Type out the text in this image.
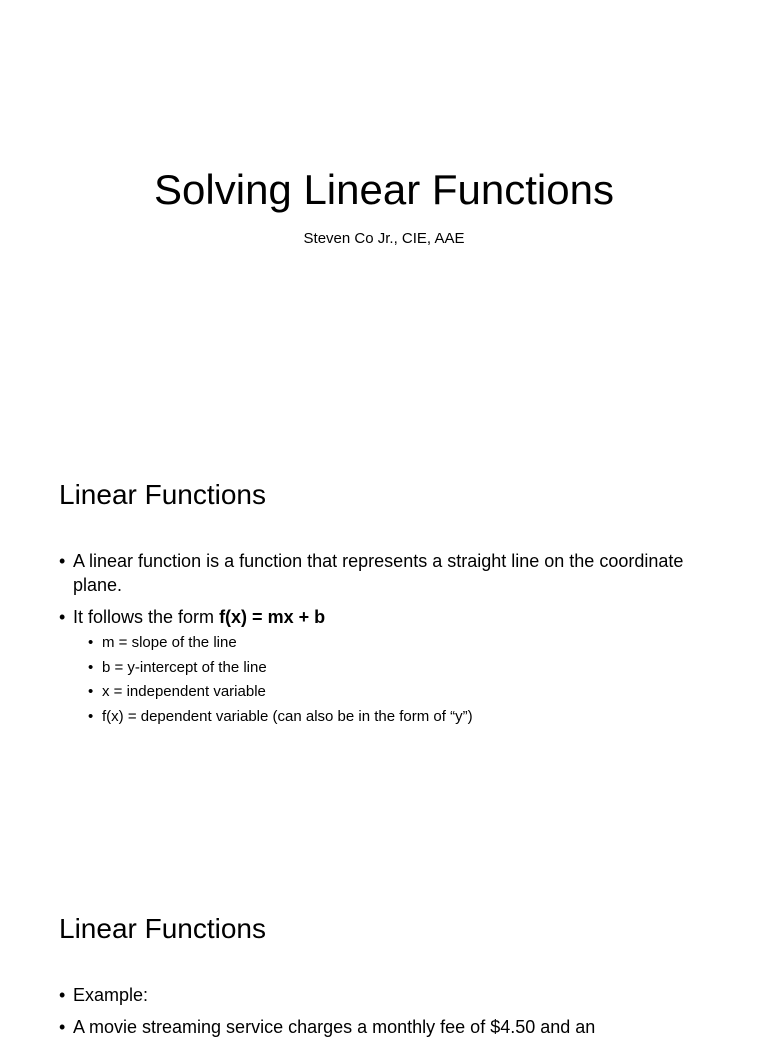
Solving Linear Functions
Steven Co Jr., CIE, AAE
Linear Functions
• A linear function is a function that represents a straight line on the coordinate plane.
• It follows the form f(x) = mx + b
• m = slope of the line
• b = y-intercept of the line
• x = independent variable
• f(x) = dependent variable (can also be in the form of “y”)
Linear Functions
• Example:
• A movie streaming service charges a monthly fee of $4.50 and an
